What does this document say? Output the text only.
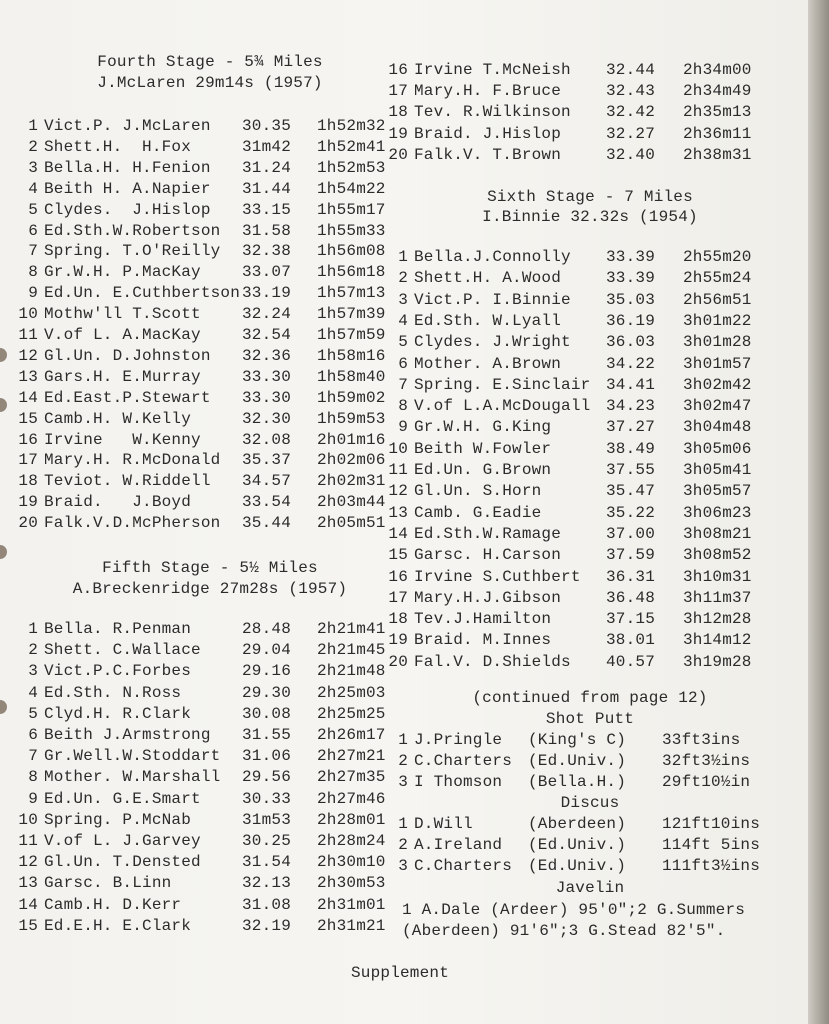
Fourth Stage - 5¾ Miles
J.McLaren 29m14s (1957)
1 Vict.P. J.McLaren 30.35 1h52m32
2 Shett.H.  H.Fox	31m42 1h52m41
3 Bella.H. H.Fenion 31.24 1h52m53
4 Beith H. A.Napier 31.44 1h54m22
5 Clydes.  J.Hislop 33.15 1h55m17
6 Ed.Sth.W.Robertson 31.58 1h55m33
7 Spring. T.O'Reilly 32.38 1h56m08
8 Gr.W.H. P.MacKay	33.07 1h56m18
9 Ed.Un. E.Cuthbertson 33.19 1h57m13
10 Mothw'll T.Scott	32.24 1h57m39
11 V.of L. A.MacKay	32.54 1h57m59
12 Gl.Un. D.Johnston 32.36 1h58m16
13 Gars.H. E.Murray	33.30 1h58m40
14 Ed.East.P.Stewart 33.30 1h59m02
15 Camb.H. W.Kelly	32.30 1h59m53
16 Irvine   W.Kenny	32.08 2h01m16
17 Mary.H. R.McDonald 35.37 2h02m06
18 Teviot. W.Riddell 34.57 2h02m31
19 Braid.   J.Boyd	33.54 2h03m44
20 Falk.V.D.McPherson 35.44 2h05m51
Fifth Stage - 5½ Miles
A.Breckenridge 27m28s (1957)
1 Bella. R.Penman	28.48 2h21m41
2 Shett. C.Wallace	29.04 2h21m45
3 Vict.P.C.Forbes	29.16 2h21m48
4 Ed.Sth. N.Ross	29.30 2h25m03
5 Clyd.H. R.Clark	30.08 2h25m25
6 Beith J.Armstrong 31.55 2h26m17
7 Gr.Well.W.Stoddart 31.06 2h27m21
8 Mother. W.Marshall 29.56 2h27m35
9 Ed.Un. G.E.Smart	30.33 2h27m46
10 Spring. P.McNab	31m53 2h28m01
11 V.of L. J.Garvey	30.25 2h28m24
12 Gl.Un. T.Densted	31.54 2h30m10
13 Garsc. B.Linn	32.13 2h30m53
14 Camb.H. D.Kerr	31.08 2h31m01
15 Ed.E.H. E.Clark	32.19 2h31m21
16 Irvine T.McNeish 32.44 2h34m00
17 Mary.H. F.Bruce	32.43 2h34m49
18 Tev. R.Wilkinson 32.42 2h35m13
19 Braid. J.Hislop	32.27 2h36m11
20 Falk.V. T.Brown	32.40 2h38m31
Sixth Stage - 7 Miles
I.Binnie 32.32s (1954)
1 Bella.J.Connolly 33.39 2h55m20
2 Shett.H. A.Wood	33.39 2h55m24
3 Vict.P. I.Binnie 35.03 2h56m51
4 Ed.Sth. W.Lyall	36.19 3h01m22
5 Clydes. J.Wright 36.03 3h01m28
6 Mother. A.Brown	34.22 3h01m57
7 Spring. E.Sinclair 34.41 3h02m42
8 V.of L.A.McDougall 34.23 3h02m47
9 Gr.W.H. G.King	37.27 3h04m48
10 Beith W.Fowler	38.49 3h05m06
11 Ed.Un. G.Brown	37.55 3h05m41
12 Gl.Un. S.Horn	35.47 3h05m57
13 Camb. G.Eadie	35.22 3h06m23
14 Ed.Sth.W.Ramage	37.00 3h08m21
15 Garsc. H.Carson	37.59 3h08m52
16 Irvine S.Cuthbert 36.31 3h10m31
17 Mary.H.J.Gibson	36.48 3h11m37
18 Tev.J.Hamilton	37.15 3h12m28
19 Braid. M.Innes	38.01 3h14m12
20 Fal.V. D.Shields 40.57 3h19m28
(continued from page 12)
Shot Putt
1 J.Pringle (King's C) 33ft3ins
2 C.Charters (Ed.Univ.) 32ft3½ins
3 I Thomson (Bella.H.) 29ft10½in
Discus
1 D.Will	(Aberdeen) 121ft10ins
2 A.Ireland (Ed.Univ.) 114ft 5ins
3 C.Charters (Ed.Univ.) 111ft3½ins
Javelin
1 A.Dale (Ardeer) 95'0";2 G.Summers
(Aberdeen) 91'6";3 G.Stead 82'5".
Supplement
